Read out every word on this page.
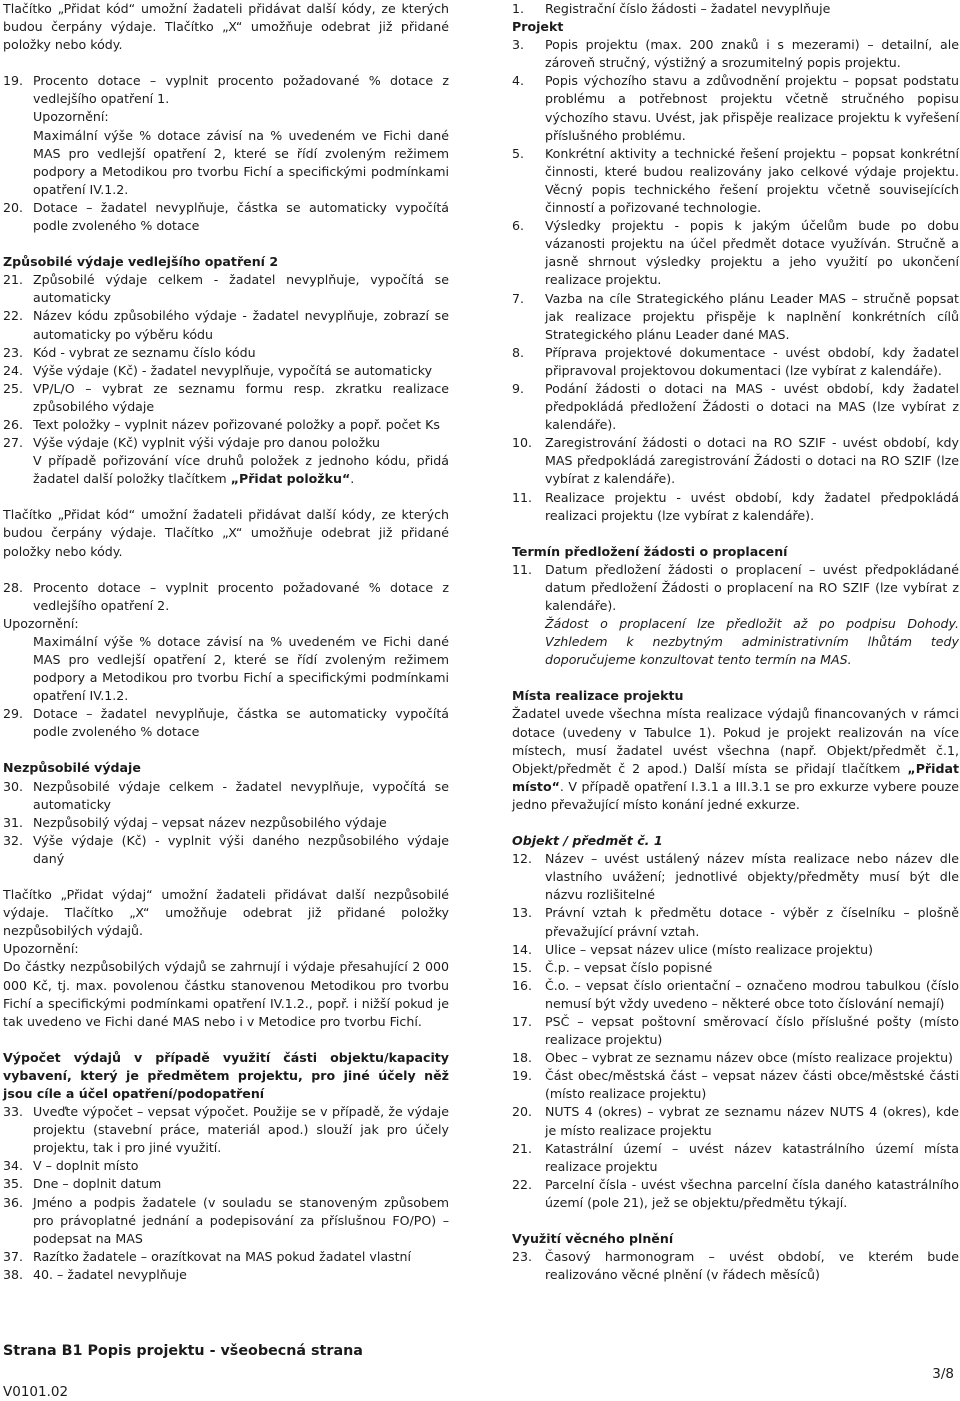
Tlačítko „Přidat kód“ umožní žadateli přidávat další kódy, ze kterých budou čerpány výdaje. Tlačítko „X“ umožňuje odebrat již přidané položky nebo kódy.

19. Procento dotace – vyplnit procento požadované % dotace z vedlejšího opatření 1.
Upozornění:
Maximální výše % dotace závisí na % uvedeném ve Fichi dané MAS pro vedlejší opatření 2, které se řídí zvoleným režimem podpory a Metodikou pro tvorbu Fichí a specifickými podmínkami opatření IV.1.2.
20. Dotace – žadatel nevyplňuje, částka se automaticky vypočítá podle zvoleného % dotace

Způsobilé výdaje vedlejšího opatření 2

21. Způsobilé výdaje celkem - žadatel nevyplňuje, vypočítá se automaticky
22. Název kódu způsobilého výdaje - žadatel nevyplňuje, zobrazí se automaticky po výběru kódu
23. Kód - vybrat ze seznamu číslo kódu
24. Výše výdaje (Kč) - žadatel nevyplňuje, vypočítá se automaticky
25. VP/L/O – vybrat ze seznamu formu resp. zkratku realizace způsobilého výdaje
26. Text položky – vyplnit název pořizované položky a popř. počet Ks
27. Výše výdaje (Kč) vyplnit výši výdaje pro danou položku
V případě pořizování více druhů položek z jednoho kódu, přidá žadatel další položky tlačítkem „Přidat položku“.

Tlačítko „Přidat kód“ umožní žadateli přidávat další kódy, ze kterých budou čerpány výdaje. Tlačítko „X“ umožňuje odebrat již přidané položky nebo kódy.

28. Procento dotace – vyplnit procento požadované % dotace z vedlejšího opatření 2.

Upozornění:

Maximální výše % dotace závisí na % uvedeném ve Fichi dané MAS pro vedlejší opatření 2, které se řídí zvoleným režimem podpory a Metodikou pro tvorbu Fichí a specifickými podmínkami opatření IV.1.2.
29. Dotace – žadatel nevyplňuje, částka se automaticky vypočítá podle zvoleného % dotace

Nezpůsobilé výdaje

30. Nezpůsobilé výdaje celkem - žadatel nevyplňuje, vypočítá se automaticky
31. Nezpůsobilý výdaj – vepsat název nezpůsobilého výdaje
32. Výše výdaje (Kč) - vyplnit výši daného nezpůsobilého výdaje daný

Tlačítko „Přidat výdaj“ umožní žadateli přidávat další nezpůsobilé výdaje. Tlačítko „X“ umožňuje odebrat již přidané položky nezpůsobilých výdajů.

Upozornění:

Do částky nezpůsobilých výdajů se zahrnují i výdaje přesahující 2 000 000 Kč, tj. max. povolenou částku stanovenou Metodikou pro tvorbu Fichí a specifickými podmínkami opatření IV.1.2., popř. i nižší pokud je tak uvedeno ve Fichi dané MAS nebo i v Metodice pro tvorbu Fichí.

Výpočet výdajů v případě využití části objektu/kapacity vybavení, který je předmětem projektu, pro jiné účely něž jsou cíle a účel opatření/podopatření

33. Uveďte výpočet – vepsat výpočet. Použije se v případě, že výdaje projektu (stavební práce, materiál apod.) slouží jak pro účely projektu, tak i pro jiné využití.
34. V – doplnit místo
35. Dne – doplnit datum
36. Jméno a podpis žadatele (v souladu se stanoveným způsobem pro právoplatné jednání a podepisování za příslušnou FO/PO) – podepsat na MAS
37. Razítko žadatele – orazítkovat na MAS pokud žadatel vlastní
38. 40. – žadatel nevyplňuje
1.	Registrační číslo žádosti – žadatel nevyplňuje

Projekt

3.	Popis projektu (max. 200 znaků i s mezerami) – detailní, ale zároveň stručný, výstižný a srozumitelný popis projektu.
4.	Popis výchozího stavu a zdůvodnění projektu – popsat podstatu problému a potřebnost projektu včetně stručného popisu výchozího stavu. Uvést, jak přispěje realizace projektu k vyřešení příslušného problému.
5.	Konkrétní aktivity a technické řešení projektu – popsat konkrétní činnosti, které budou realizovány jako celkové výdaje projektu. Věcný popis technického řešení projektu včetně souvisejících činností a pořizované technologie.
6.	Výsledky projektu - popis k jakým účelům bude po dobu vázanosti projektu na účel předmět dotace využíván. Stručně a jasně shrnout výsledky projektu a jeho využití po ukončení realizace projektu.
7.	Vazba na cíle Strategického plánu Leader MAS – stručně popsat jak realizace projektu přispěje k naplnění konkrétních cílů Strategického plánu Leader dané MAS.
8.	Příprava projektové dokumentace - uvést období, kdy žadatel připravoval projektovou dokumentaci (lze vybírat z kalendáře).
9.	Podání žádosti o dotaci na MAS - uvést období, kdy žadatel předpokládá předložení Žádosti o dotaci na MAS (lze vybírat z kalendáře).
10.	Zaregistrování žádosti o dotaci na RO SZIF - uvést období, kdy MAS předpokládá zaregistrování Žádosti o dotaci na RO SZIF (lze vybírat z kalendáře).
11.	Realizace projektu - uvést období, kdy žadatel předpokládá realizaci projektu (lze vybírat z kalendáře).

Termín předložení žádosti o proplacení

11.	Datum předložení žádosti o proplacení – uvést předpokládané datum předložení Žádosti o proplacení na RO SZIF (lze vybírat z kalendáře).
Žádost o proplacení lze předložit až po podpisu Dohody. Vzhledem k nezbytným administrativním lhůtám tedy doporučujeme konzultovat tento termín na MAS.

Místa realizace projektu

Žadatel uvede všechna místa realizace výdajů financovaných v rámci dotace (uvedeny v Tabulce 1). Pokud je projekt realizován na více místech, musí žadatel uvést všechna (např. Objekt/předmět č.1, Objekt/předmět č 2 apod.) Další místa se přidají tlačítkem „Přidat místo“. V případě opatření I.3.1 a III.3.1 se pro exkurze vybere pouze jedno převažující místo konání jedné exkurze.

Objekt / předmět č. 1

12.	Název – uvést ustálený název místa realizace nebo název dle vlastního uvážení; jednotlivé objekty/předměty musí být dle názvu rozlišitelné
13.	Právní vztah k předmětu dotace - výběr z číselníku – plošně převažující právní vztah.
14.	Ulice – vepsat název ulice (místo realizace projektu)
15.	Č.p. – vepsat číslo popisné
16.	Č.o. – vepsat číslo orientační – označeno modrou tabulkou (číslo nemusí být vždy uvedeno – některé obce toto číslování nemají)
17.	PSČ – vepsat poštovní směrovací číslo příslušné pošty (místo realizace projektu)
18.	Obec – vybrat ze seznamu název obce (místo realizace projektu)
19.	Část obec/městská část – vepsat název části obce/městské části (místo realizace projektu)
20.	NUTS 4 (okres) – vybrat ze seznamu název NUTS 4 (okres), kde je místo realizace projektu
21.	Katastrální území – uvést název katastrálního území místa realizace projektu
22.	Parcelní čísla - uvést všechna parcelní čísla daného katastrálního území (pole 21), jež se objektu/předmětu týkají.

Využití věcného plnění

23.	Časový harmonogram – uvést období, ve kterém bude realizováno věcné plnění (v řádech měsíců)
Strana B1 Popis projektu - všeobecná strana
V0101.02
3/8
